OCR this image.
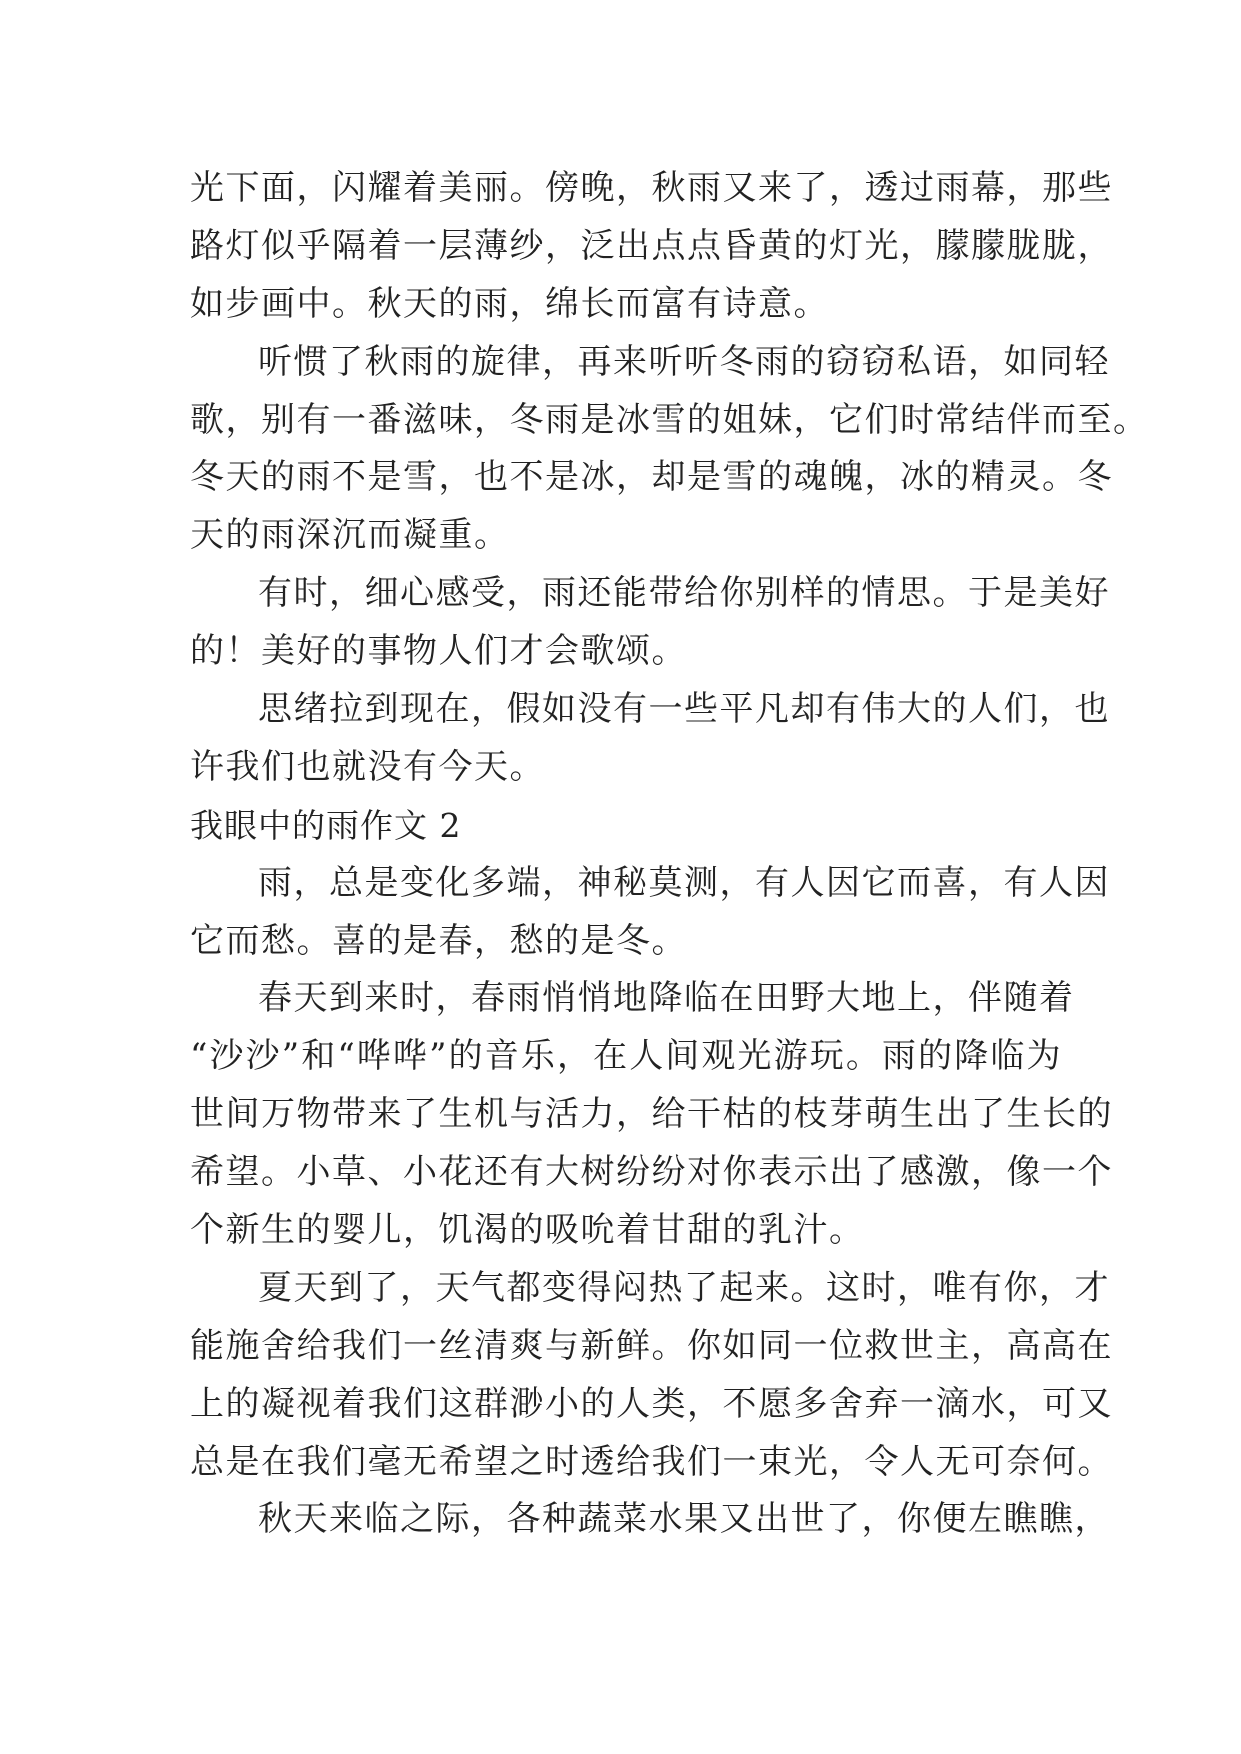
光下面，闪耀着美丽。傍晚，秋雨又来了，透过雨幕，那些
路灯似乎隔着一层薄纱，泛出点点昏黄的灯光，朦朦胧胧，
如步画中。秋天的雨，绵长而富有诗意。
听惯了秋雨的旋律，再来听听冬雨的窃窃私语，如同轻
歌，别有一番滋味，冬雨是冰雪的姐妹，它们时常结伴而至。
冬天的雨不是雪，也不是冰，却是雪的魂魄，冰的精灵。冬
天的雨深沉而凝重。
有时，细心感受，雨还能带给你别样的情思。于是美好
的！美好的事物人们才会歌颂。
思绪拉到现在，假如没有一些平凡却有伟大的人们，也
许我们也就没有今天。
我眼中的雨作文 2
雨，总是变化多端，神秘莫测，有人因它而喜，有人因
它而愁。喜的是春，愁的是冬。
春天到来时，春雨悄悄地降临在田野大地上，伴随着
“沙沙”和“哗哗”的音乐，在人间观光游玩。雨的降临为
世间万物带来了生机与活力，给干枯的枝芽萌生出了生长的
希望。小草、小花还有大树纷纷对你表示出了感激，像一个
个新生的婴儿，饥渴的吸吮着甘甜的乳汁。
夏天到了，天气都变得闷热了起来。这时，唯有你，才
能施舍给我们一丝清爽与新鲜。你如同一位救世主，高高在
上的凝视着我们这群渺小的人类，不愿多舍弃一滴水，可又
总是在我们毫无希望之时透给我们一束光，令人无可奈何。
秋天来临之际，各种蔬菜水果又出世了，你便左瞧瞧，
